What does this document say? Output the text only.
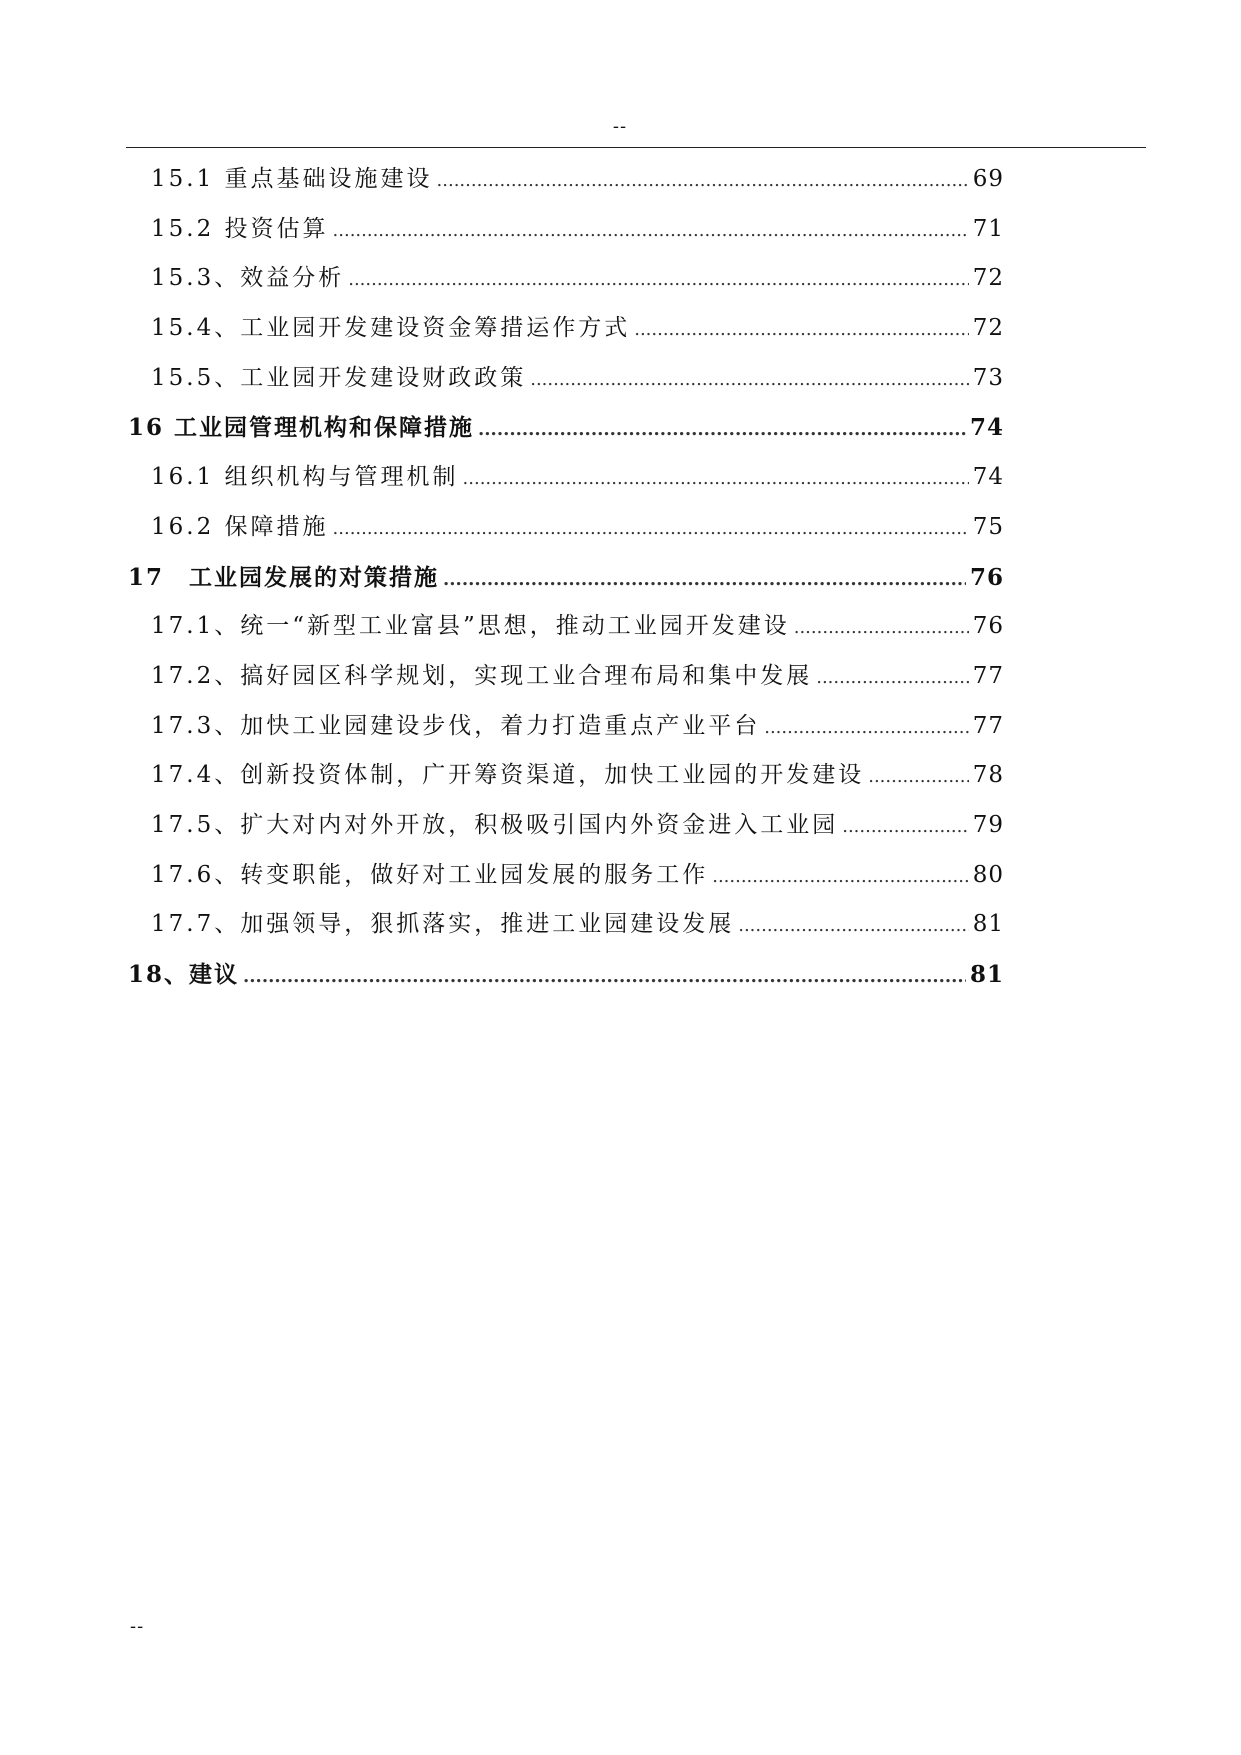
--
15.1 重点基础设施建设 .....	69
15.2 投资估算 .....	71
15.3、效益分析 .....	72
15.4、工业园开发建设资金筹措运作方式 .....	72
15.5、工业园开发建设财政政策 .....	73
16 工业园管理机构和保障措施 .....	74
16.1 组织机构与管理机制 .....	74
16.2 保障措施 .....	75
17　工业园发展的对策措施 .....	76
17.1、统一“新型工业富县”思想，推动工业园开发建设 .....	76
17.2、搞好园区科学规划，实现工业合理布局和集中发展 .....	77
17.3、加快工业园建设步伐，着力打造重点产业平台 .....	77
17.4、创新投资体制，广开筹资渠道，加快工业园的开发建设 .....	78
17.5、扩大对内对外开放，积极吸引国内外资金进入工业园 .....	79
17.6、转变职能，做好对工业园发展的服务工作 .....	80
17.7、加强领导，狠抓落实，推进工业园建设发展 .....	81
18、建议 .....	81
--
